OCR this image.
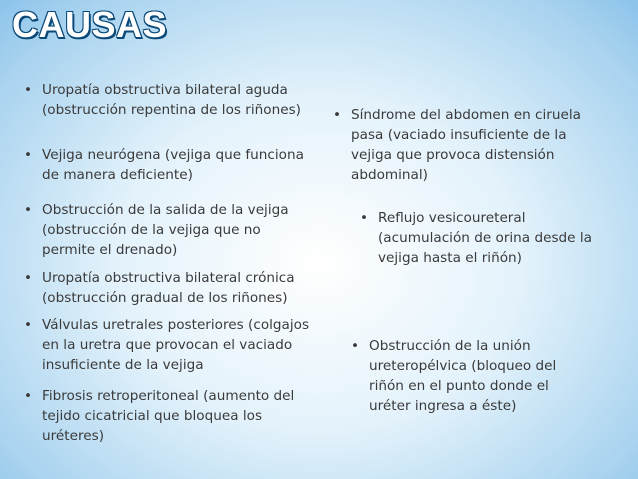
CAUSAS
• Uropatía obstructiva bilateral aguda
(obstrucción repentina de los riñones)
• Vejiga neurógena (vejiga que funciona
de manera deficiente)
• Obstrucción de la salida de la vejiga
(obstrucción de la vejiga que no
permite el drenado)
• Uropatía obstructiva bilateral crónica
(obstrucción gradual de los riñones)
• Válvulas uretrales posteriores (colgajos
en la uretra que provocan el vaciado
insuficiente de la vejiga
• Fibrosis retroperitoneal (aumento del
tejido cicatricial que bloquea los
uréteres)
• Síndrome del abdomen en ciruela
pasa (vaciado insuficiente de la
vejiga que provoca distensión
abdominal)
• Reflujo vesicoureteral
(acumulación de orina desde la
vejiga hasta el riñón)
• Obstrucción de la unión
ureteropélvica (bloqueo del
riñón en el punto donde el
uréter ingresa a éste)
